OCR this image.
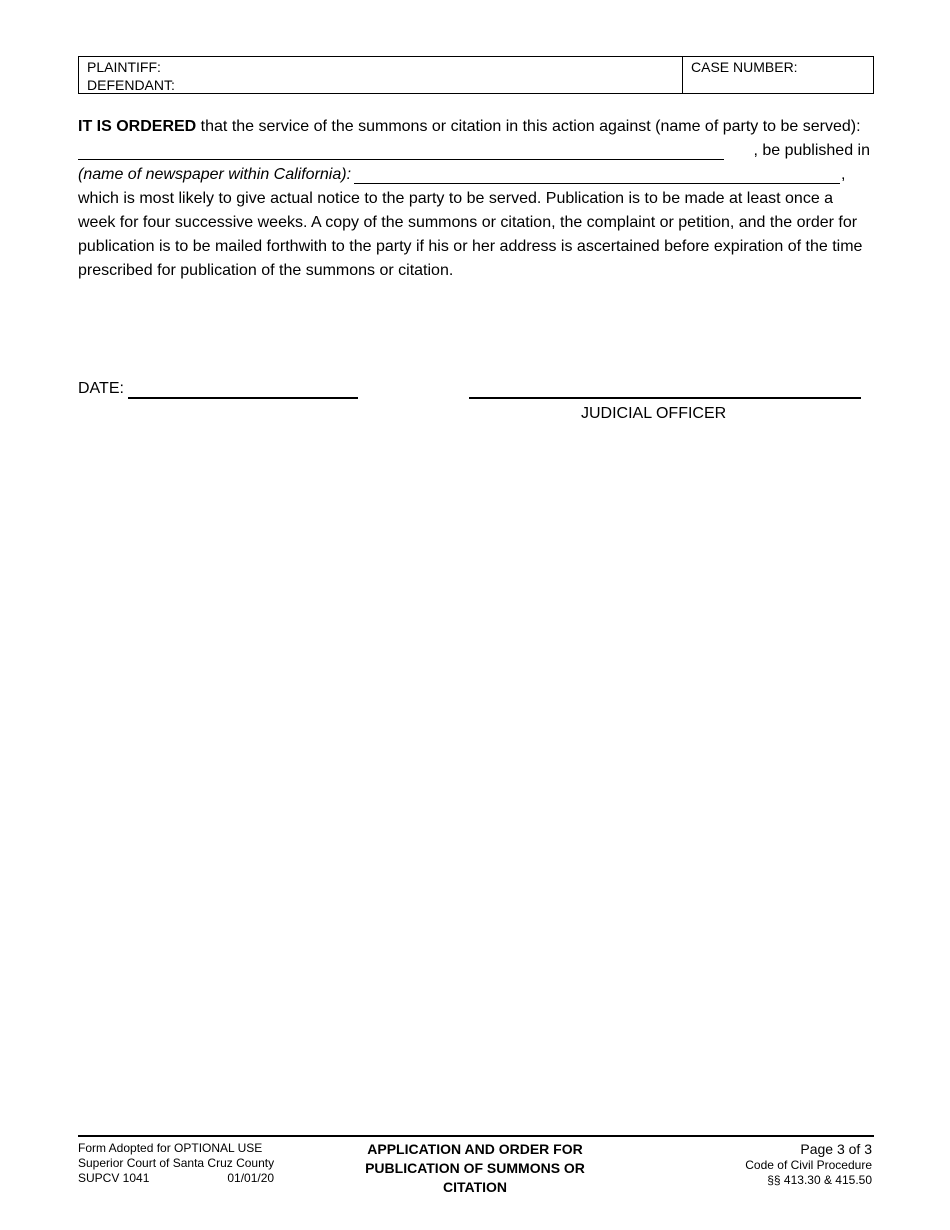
PLAINTIFF:
DEFENDANT:
CASE NUMBER:
IT IS ORDERED that the service of the summons or citation in this action against (name of party to be served):
, be published in
(name of newspaper within California):	,
which is most likely to give actual notice to the party to be served. Publication is to be made at least once a week for four successive weeks. A copy of the summons or citation, the complaint or petition, and the order for publication is to be mailed forthwith to the party if his or her address is ascertained before expiration of the time prescribed for publication of the summons or citation.
DATE:
JUDICIAL OFFICER
Form Adopted for OPTIONAL USE
Superior Court of Santa Cruz County
SUPCV 1041	01/01/20
APPLICATION AND ORDER FOR
PUBLICATION OF SUMMONS OR
CITATION
Page 3 of 3
Code of Civil Procedure
§§ 413.30 & 415.50
